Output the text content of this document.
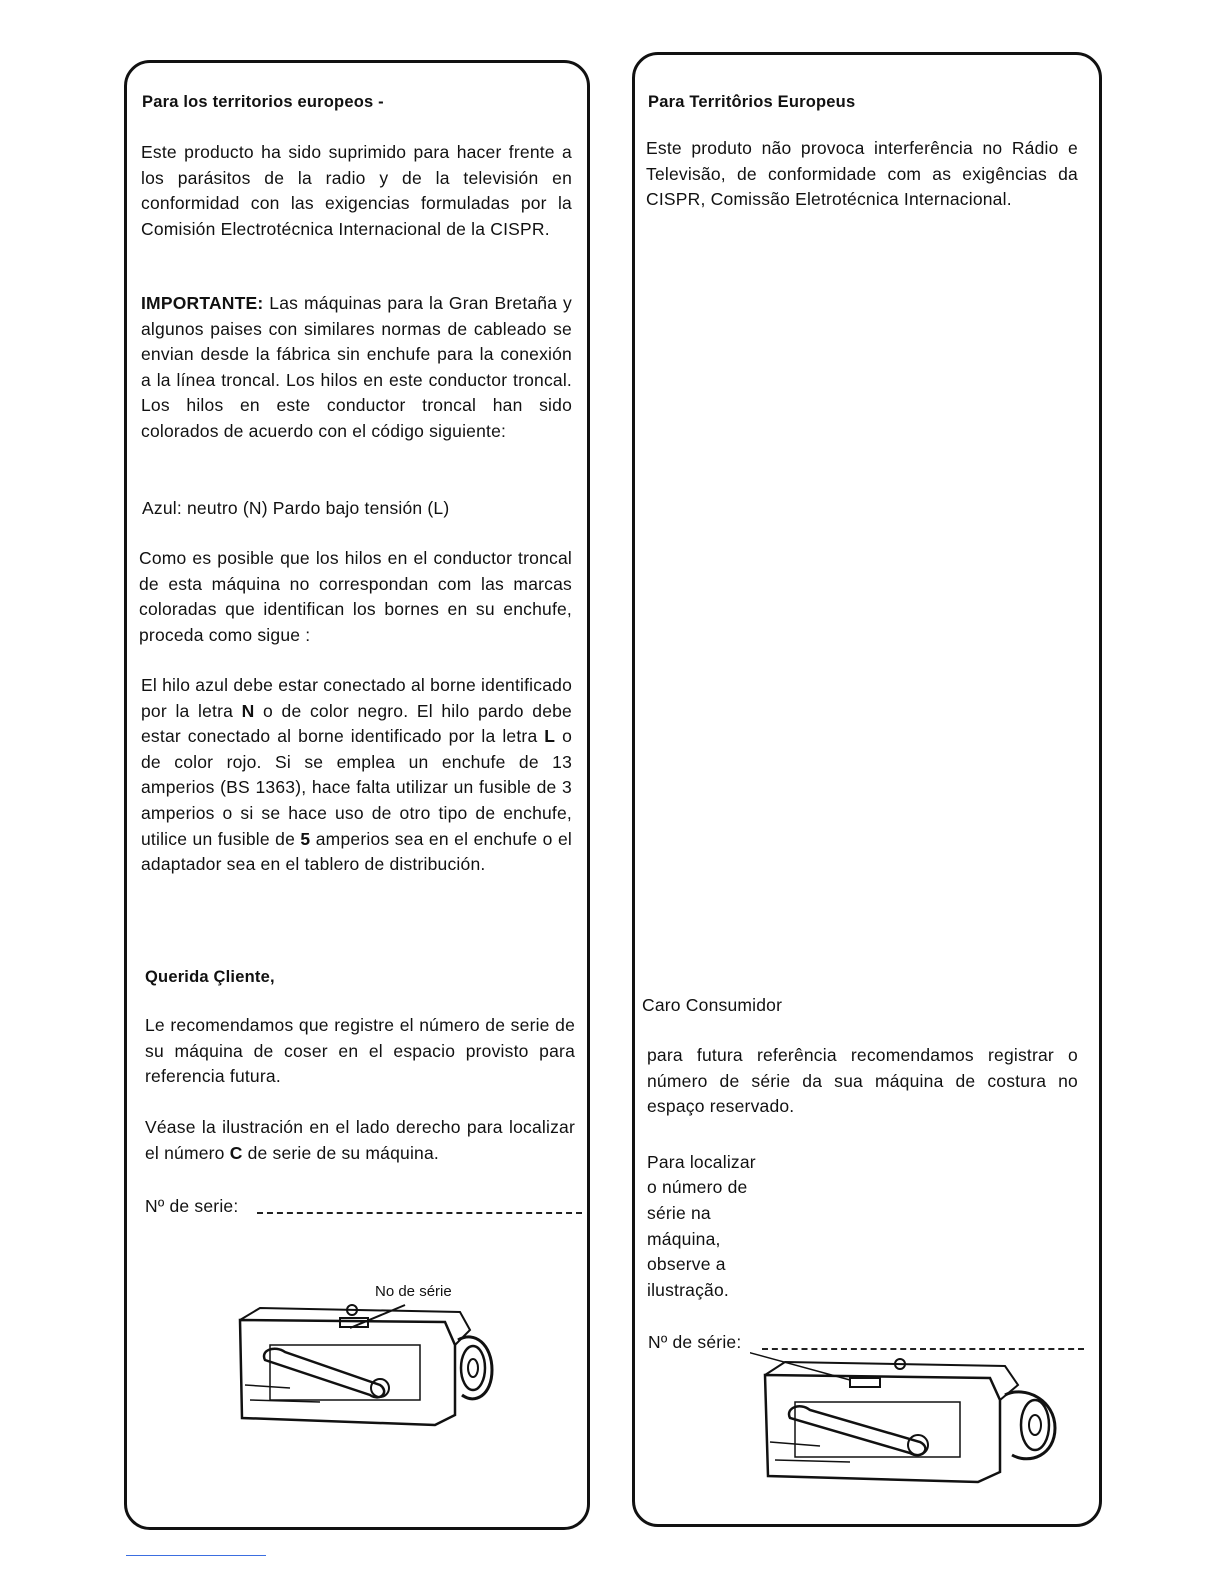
Para los territorios europeos -
Este producto ha sido suprimido para hacer frente a los parásitos de la radio y de la televisión en conformidad con las exigencias formuladas por la Comisión Electrotécnica Internacional de la CISPR.
IMPORTANTE: Las máquinas para la Gran Bretaña y algunos paises con similares normas de cableado se envian desde la fábrica sin enchufe para la conexión a la línea troncal. Los hilos en este conductor troncal. Los hilos en este conductor troncal han sido colorados de acuerdo con el código siguiente:
Azul: neutro (N) Pardo bajo tensión (L)
Como es posible que los hilos en el conductor troncal de esta máquina no correspondan com las marcas coloradas que identifican los bornes en su enchufe, proceda como sigue :
El hilo azul debe estar conectado al borne identificado por la letra N o de color negro. El hilo pardo debe estar conectado al borne identificado por la letra L o de color rojo. Si se emplea un enchufe de 13 amperios (BS 1363), hace falta utilizar un fusible de 3 amperios o si se hace uso de otro tipo de enchufe, utilice un fusible de 5 amperios sea en el enchufe o el adaptador sea en el tablero de distribución.
Querida Çliente,
Le recomendamos que registre el número de serie de su máquina de coser en el espacio provisto para referencia futura.
Véase la ilustración en el lado derecho para localizar el número C de serie de su máquina.
Nº de serie:
No de série
Para Territôrios Europeus
Este produto não provoca interferência no Rádio e Televisão, de conformidade com as exigências da CISPR, Comissão Eletrotécnica Internacional.
Caro Consumidor
para futura referência recomendamos registrar o número de série da sua máquina de costura no espaço reservado.
Para localizar
o número de
série na
máquina,
observe a
ilustração.
Nº de série:
